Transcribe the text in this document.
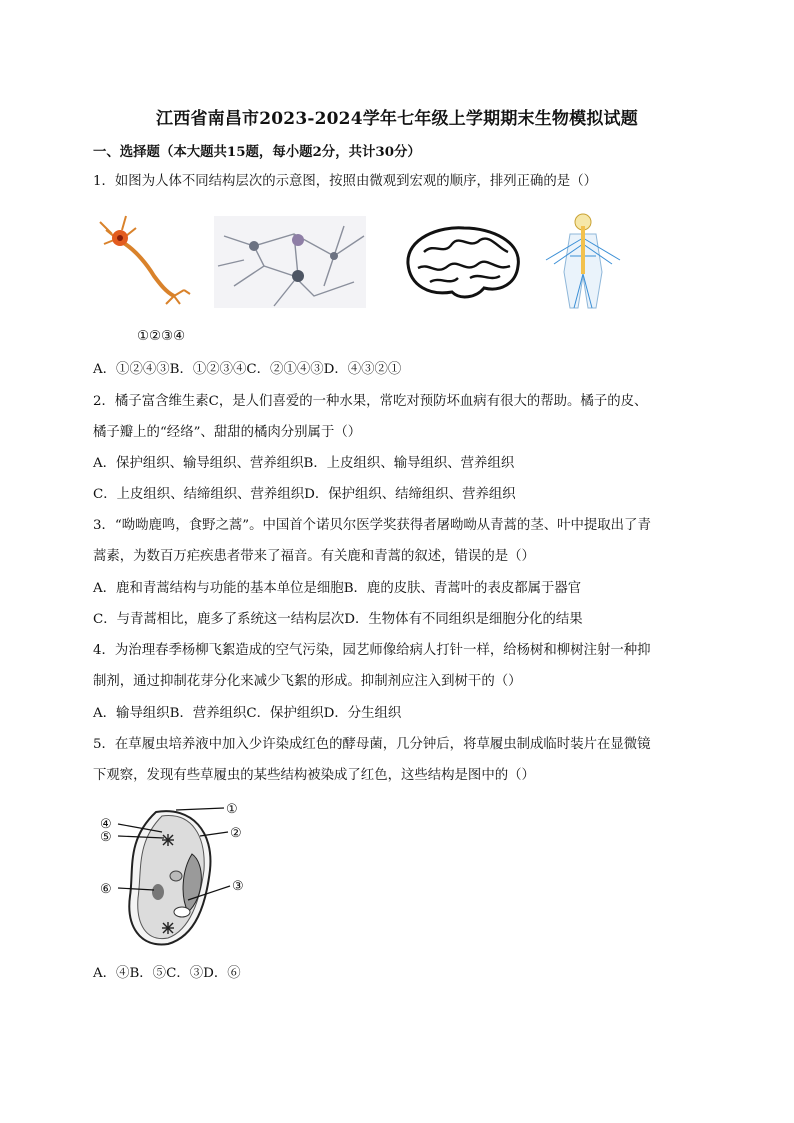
江西省南昌市2023-2024学年七年级上学期期末生物模拟试题
一、选择题（本大题共15题，每小题2分，共计30分）
1．如图为人体不同结构层次的示意图，按照由微观到宏观的顺序，排列正确的是（）
①②③④
A．①②④③B．①②③④C．②①④③D．④③②①
2．橘子富含维生素C，是人们喜爱的一种水果，常吃对预防坏血病有很大的帮助。橘子的皮、
橘子瓣上的“经络”、甜甜的橘肉分别属于（）
A．保护组织、输导组织、营养组织B．上皮组织、输导组织、营养组织
C．上皮组织、结缔组织、营养组织D．保护组织、结缔组织、营养组织
3．“呦呦鹿鸣，食野之蒿”。中国首个诺贝尔医学奖获得者屠呦呦从青蒿的茎、叶中提取出了青
蒿素，为数百万疟疾患者带来了福音。有关鹿和青蒿的叙述，错误的是（）
A．鹿和青蒿结构与功能的基本单位是细胞B．鹿的皮肤、青蒿叶的表皮都属于器官
C．与青蒿相比，鹿多了系统这一结构层次D．生物体有不同组织是细胞分化的结果
4．为治理春季杨柳飞絮造成的空气污染，园艺师像给病人打针一样，给杨树和柳树注射一种抑
制剂，通过抑制花芽分化来减少飞絮的形成。抑制剂应注入到树干的（）
A．输导组织B．营养组织C．保护组织D．分生组织
5．在草履虫培养液中加入少许染成红色的酵母菌，几分钟后，将草履虫制成临时装片在显微镜
下观察，发现有些草履虫的某些结构被染成了红色，这些结构是图中的（）
①
②
③
④
⑤
⑥
A．④B．⑤C．③D．⑥
